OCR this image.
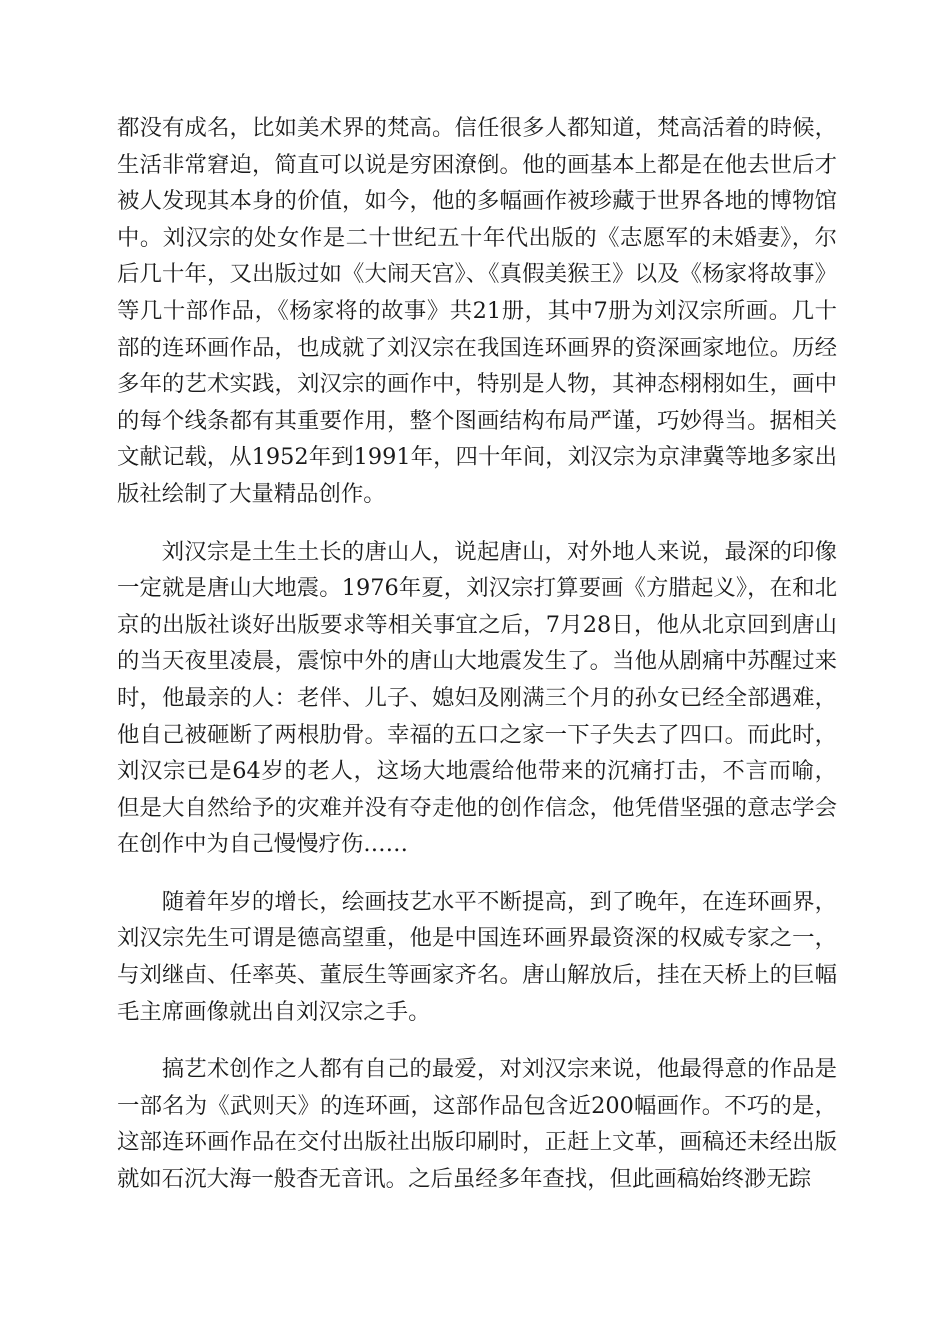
都没有成名，比如美术界的梵高。信任很多人都知道，梵高活着的時候，生活非常窘迫，简直可以说是穷困潦倒。他的画基本上都是在他去世后才被人发现其本身的价值，如今，他的多幅画作被珍藏于世界各地的博物馆中。刘汉宗的处女作是二十世纪五十年代出版的《志愿军的未婚妻》，尔后几十年，又出版过如《大闹天宫》、《真假美猴王》以及《杨家将故事》等几十部作品，《杨家将的故事》共21册，其中7册为刘汉宗所画。几十部的连环画作品，也成就了刘汉宗在我国连环画界的资深画家地位。历经多年的艺术实践，刘汉宗的画作中，特别是人物，其神态栩栩如生，画中的每个线条都有其重要作用，整个图画结构布局严谨，巧妙得当。据相关文献记载，从1952年到1991年，四十年间，刘汉宗为京津冀等地多家出版社绘制了大量精品创作。

刘汉宗是土生土长的唐山人，说起唐山，对外地人来说，最深的印像一定就是唐山大地震。1976年夏，刘汉宗打算要画《方腊起义》，在和北京的出版社谈好出版要求等相关事宜之后，7月28日，他从北京回到唐山的当天夜里凌晨，震惊中外的唐山大地震发生了。当他从剧痛中苏醒过来时，他最亲的人：老伴、儿子、媳妇及刚满三个月的孙女已经全部遇难，他自己被砸断了两根肋骨。幸福的五口之家一下子失去了四口。而此时，刘汉宗已是64岁的老人，这场大地震给他带来的沉痛打击，不言而喻，但是大自然给予的灾难并没有夺走他的创作信念，他凭借坚强的意志学会在创作中为自己慢慢疗伤……

随着年岁的增长，绘画技艺水平不断提高，到了晚年，在连环画界，刘汉宗先生可谓是德高望重，他是中国连环画界最资深的权威专家之一，与刘继卣、任率英、董辰生等画家齐名。唐山解放后，挂在天桥上的巨幅毛主席画像就出自刘汉宗之手。

搞艺术创作之人都有自己的最爱，对刘汉宗来说，他最得意的作品是一部名为《武则天》的连环画，这部作品包含近200幅画作。不巧的是，这部连环画作品在交付出版社出版印刷时，正赶上文革，画稿还未经出版就如石沉大海一般杳无音讯。之后虽经多年查找，但此画稿始终渺无踪
